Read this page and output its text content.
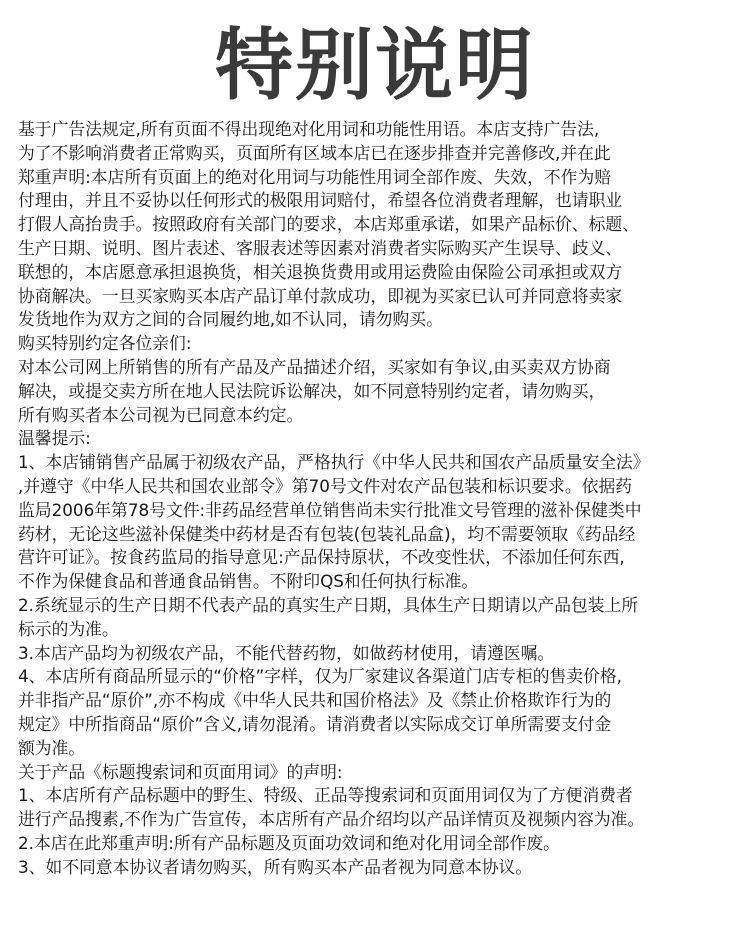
特别说明
基于广告法规定,所有页面不得出现绝对化用词和功能性用语。本店支持广告法,
为了不影响消费者正常购买，页面所有区域本店已在逐步排查并完善修改,并在此
郑重声明:本店所有页面上的绝对化用词与功能性用词全部作废、失效，不作为赔
付理由，并且不妥协以任何形式的极限用词赔付，希望各位消费者理解，也请职业
打假人高抬贵手。按照政府有关部门的要求，本店郑重承诺，如果产品标价、标题、
生产日期、说明、图片表述、客服表述等因素对消费者实际购买产生误导、歧义、
联想的，本店愿意承担退换货，相关退换货费用或用运费险由保险公司承担或双方
协商解决。一旦买家购买本店产品订单付款成功，即视为买家已认可并同意将卖家
发货地作为双方之间的合同履约地,如不认同，请勿购买。
购买特别约定各位亲们:
对本公司网上所销售的所有产品及产品描述介绍，买家如有争议,由买卖双方协商
解决，或提交卖方所在地人民法院诉讼解决，如不同意特别约定者，请勿购买，
所有购买者本公司视为已同意本约定。
温馨提示:
1、本店铺销售产品属于初级农产品，严格执行《中华人民共和国农产品质量安全法》
,并遵守《中华人民共和国农业部令》第70号文件对农产品包装和标识要求。依据药
监局2006年第78号文件:非药品经营单位销售尚未实行批准文号管理的滋补保健类中
药材，无论这些滋补保健类中药材是否有包装(包装礼品盒)，均不需要领取《药品经
营许可证》。按食药监局的指导意见:产品保持原状，不改变性状，不添加任何东西,
不作为保健食品和普通食品销售。不附印QS和任何执行标准。
2.系统显示的生产日期不代表产品的真实生产日期，具体生产日期请以产品包装上所
标示的为准。
3.本店产品均为初级农产品，不能代替药物，如做药材使用，请遵医嘱。
4、本店所有商品所显示的“价格”字样，仅为厂家建议各渠道门店专柜的售卖价格,
并非指产品“原价”,亦不构成《中华人民共和国价格法》及《禁止价格欺诈行为的
规定》中所指商品“原价”含义,请勿混淆。请消费者以实际成交订单所需要支付金
额为准。
关于产品《标题搜索词和页面用词》的声明:
1、本店所有产品标题中的野生、特级、正品等搜索词和页面用词仅为了方便消费者
进行产品搜素,不作为广告宣传，本店所有产品介绍均以产品详情页及视频内容为准。
2.本店在此郑重声明:所有产品标题及页面功效词和绝对化用词全部作废。
3、如不同意本协议者请勿购买，所有购买本产品者视为同意本协议。
